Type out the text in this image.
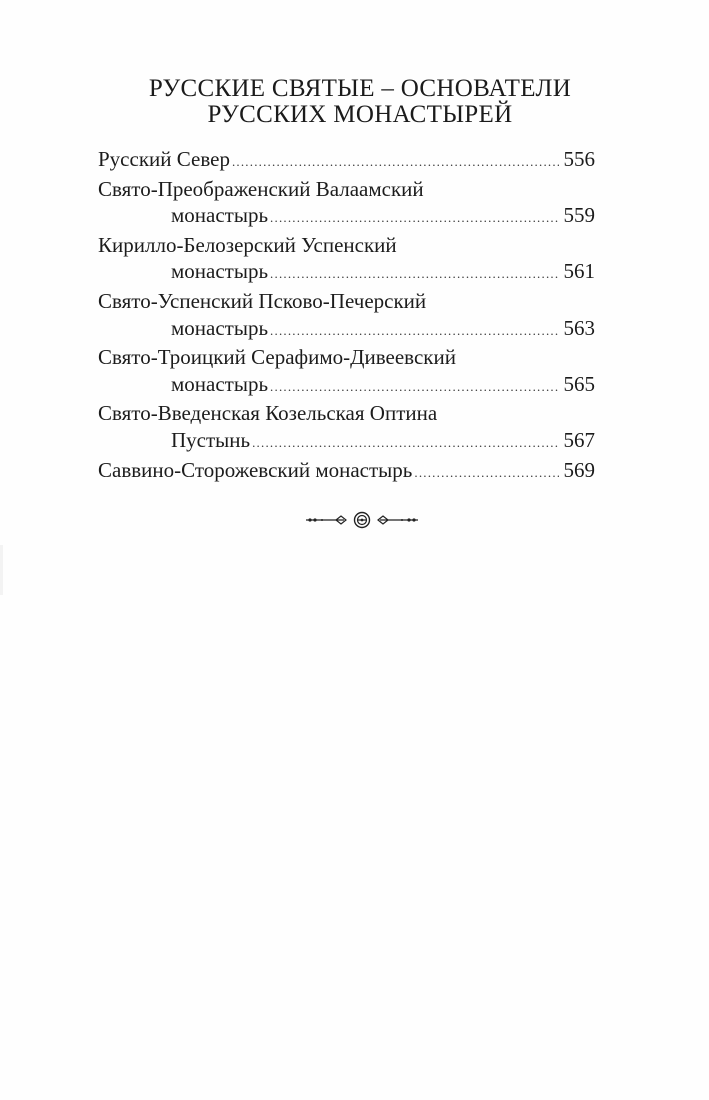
РУССКИЕ СВЯТЫЕ – ОСНОВАТЕЛИ
РУССКИХ МОНАСТЫРЕЙ
Русский Север .....	556
Свято-Преображенский Валаамский
монастырь .....	559
Кирилло-Белозерский Успенский
монастырь .....	561
Свято-Успенский Псково-Печерский
монастырь .....	563
Свято-Троицкий Серафимо-Дивеевский
монастырь .....	565
Свято-Введенская Козельская Оптина
Пустынь .....	567
Саввино-Сторожевский монастырь .....	569
